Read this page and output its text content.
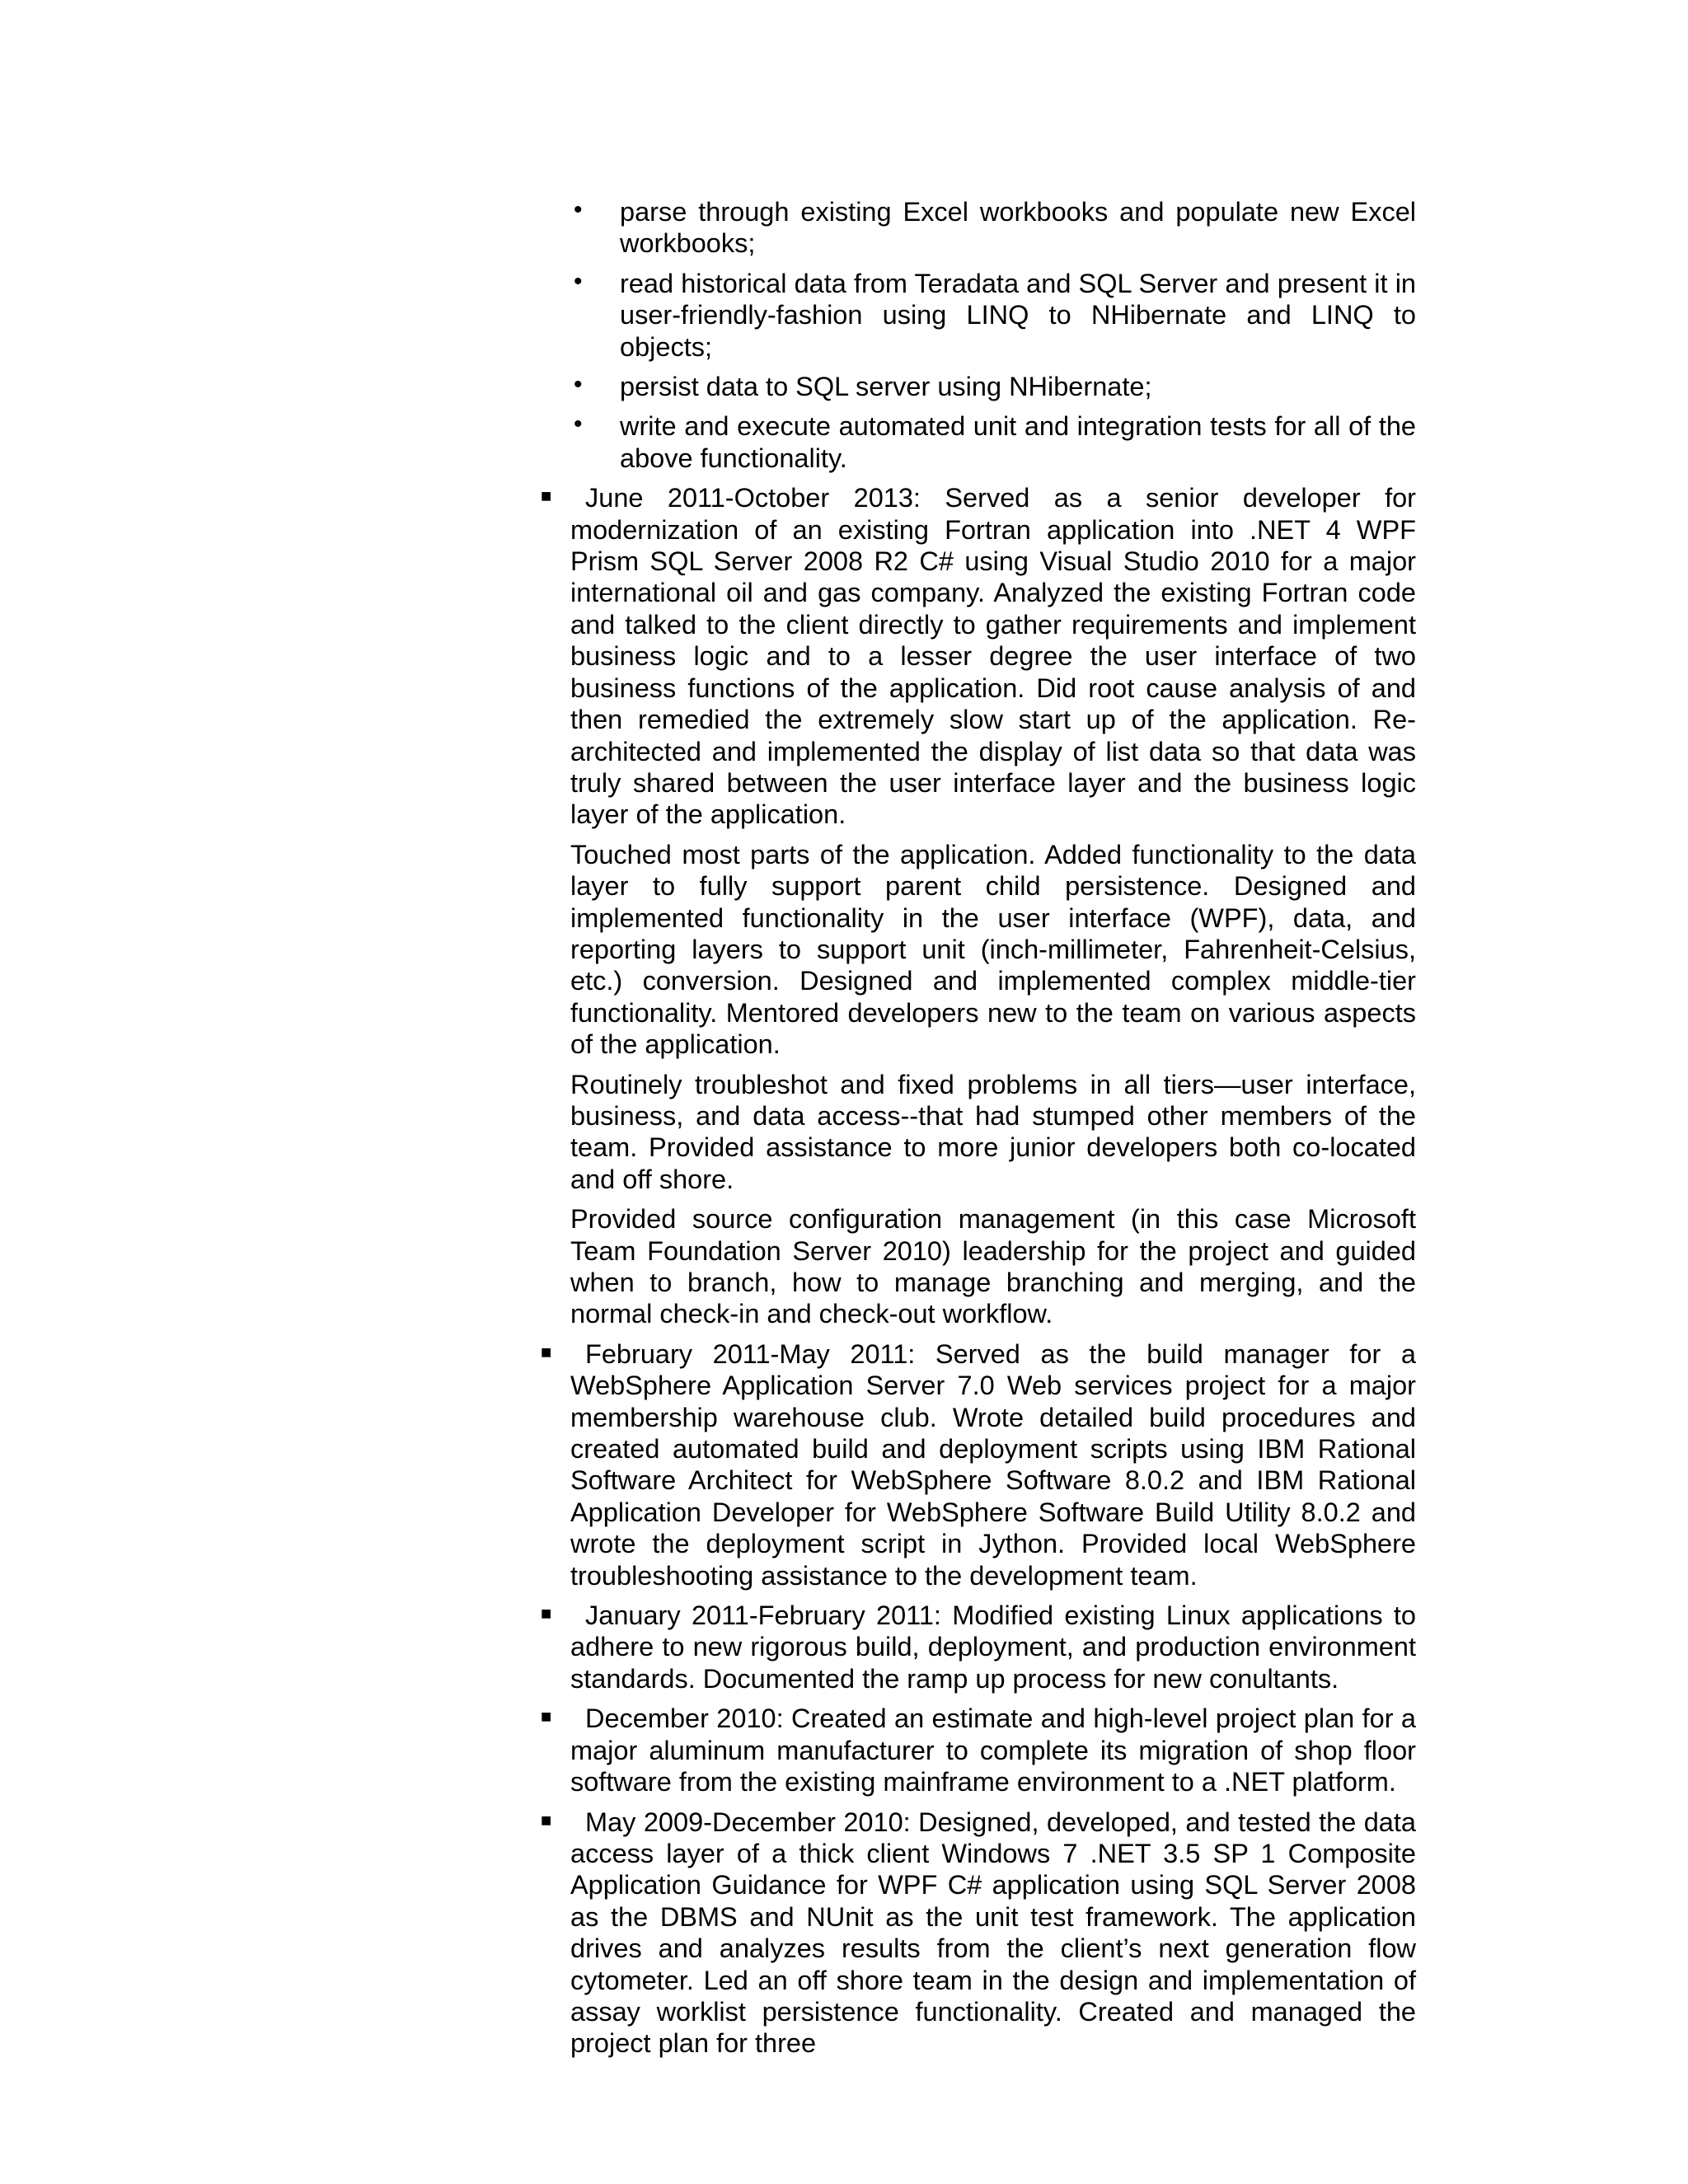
• parse through existing Excel workbooks and populate new Excel workbooks;

• read historical data from Teradata and SQL Server and present it in user-friendly-fashion using LINQ to NHibernate and LINQ to objects;

• persist data to SQL server using NHibernate;

• write and execute automated unit and integration tests for all of the above functionality.

■	June 2011-October 2013: Served as a senior developer for modernization of an existing Fortran application into .NET 4 WPF Prism SQL Server 2008 R2 C# using Visual Studio 2010 for a major international oil and gas company. Analyzed the existing Fortran code and talked to the client directly to gather requirements and implement business logic and to a lesser degree the user interface of two business functions of the application. Did root cause analysis of and then remedied the extremely slow start up of the application. Re-architected and implemented the display of list data so that data was truly shared between the user interface layer and the business logic layer of the application.

Touched most parts of the application. Added functionality to the data layer to fully support parent child persistence. Designed and implemented functionality in the user interface (WPF), data, and reporting layers to support unit (inch-millimeter, Fahrenheit-Celsius, etc.) conversion. Designed and implemented complex middle-tier functionality. Mentored developers new to the team on various aspects of the application.

Routinely troubleshot and fixed problems in all tiers—user interface, business, and data access--that had stumped other members of the team. Provided assistance to more junior developers both co-located and off shore.

Provided source configuration management (in this case Microsoft Team Foundation Server 2010) leadership for the project and guided when to branch, how to manage branching and merging, and the normal check-in and check-out workflow.

■	February 2011-May 2011: Served as the build manager for a WebSphere Application Server 7.0 Web services project for a major membership warehouse club. Wrote detailed build procedures and created automated build and deployment scripts using IBM Rational Software Architect for WebSphere Software 8.0.2 and IBM Rational Application Developer for WebSphere Software Build Utility 8.0.2 and wrote the deployment script in Jython. Provided local WebSphere troubleshooting assistance to the development team.

■	January 2011-February 2011: Modified existing Linux applications to adhere to new rigorous build, deployment, and production environment standards. Documented the ramp up process for new conultants.

■	December 2010: Created an estimate and high-level project plan for a major aluminum manufacturer to complete its migration of shop floor software from the existing mainframe environment to a .NET platform.

■	May 2009-December 2010: Designed, developed, and tested the data access layer of a thick client Windows 7 .NET 3.5 SP 1 Composite Application Guidance for WPF C# application using SQL Server 2008 as the DBMS and NUnit as the unit test framework. The application drives and analyzes results from the client’s next generation flow cytometer. Led an off shore team in the design and implementation of assay worklist persistence functionality. Created and managed the project plan for three
